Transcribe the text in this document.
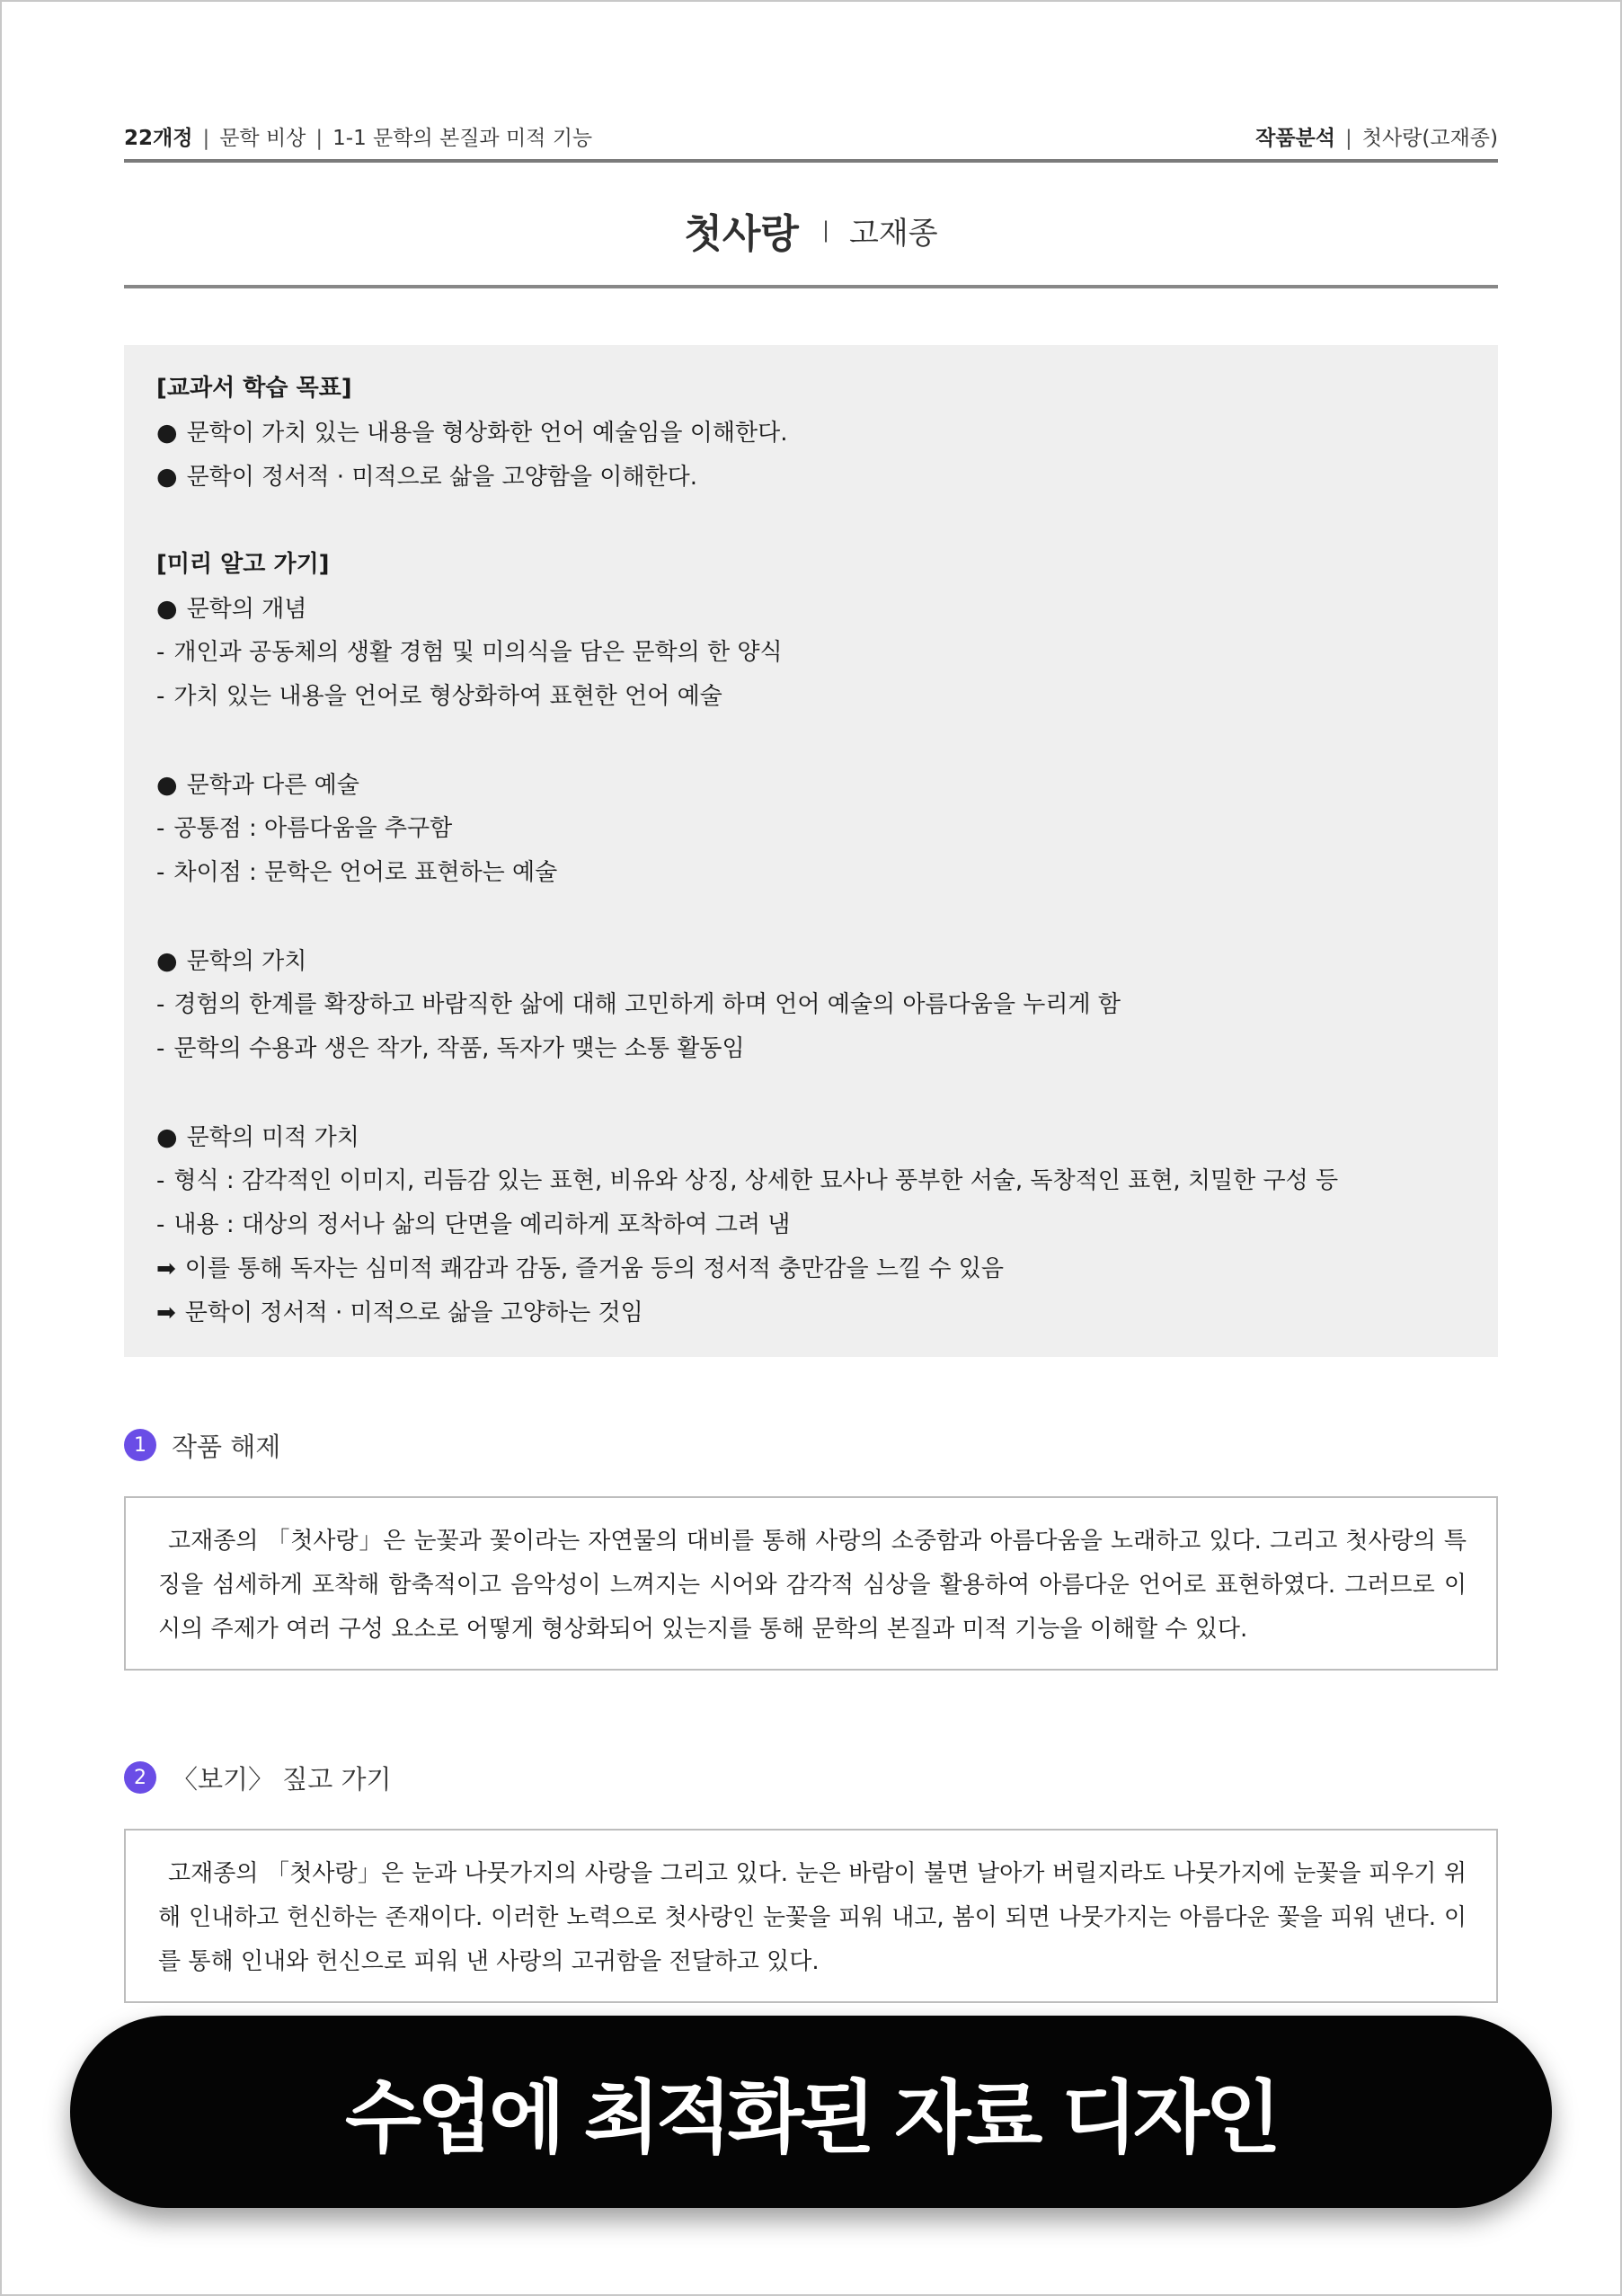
22개정 | 문학 비상 | 1-1 문학의 본질과 미적 기능	작품분석 | 첫사랑(고재종)
첫사랑 | 고재종
[교과서 학습 목표]
● 문학이 가치 있는 내용을 형상화한 언어 예술임을 이해한다.
● 문학이 정서적 · 미적으로 삶을 고양함을 이해한다.
[미리 알고 가기]
● 문학의 개념
- 개인과 공동체의 생활 경험 및 미의식을 담은 문학의 한 양식
- 가치 있는 내용을 언어로 형상화하여 표현한 언어 예술
● 문학과 다른 예술
- 공통점 : 아름다움을 추구함
- 차이점 : 문학은 언어로 표현하는 예술
● 문학의 가치
- 경험의 한계를 확장하고 바람직한 삶에 대해 고민하게 하며 언어 예술의 아름다움을 누리게 함
- 문학의 수용과 생은 작가, 작품, 독자가 맺는 소통 활동임
● 문학의 미적 가치
- 형식 : 감각적인 이미지, 리듬감 있는 표현, 비유와 상징, 상세한 묘사나 풍부한 서술, 독창적인 표현, 치밀한 구성 등
- 내용 : 대상의 정서나 삶의 단면을 예리하게 포착하여 그려 냄
➡ 이를 통해 독자는 심미적 쾌감과 감동, 즐거움 등의 정서적 충만감을 느낄 수 있음
➡ 문학이 정서적 · 미적으로 삶을 고양하는 것임
1 작품 해제
고재종의 「첫사랑」은 눈꽃과 꽃이라는 자연물의 대비를 통해 사랑의 소중함과 아름다움을 노래하고 있다. 그리고 첫사랑의 특징을 섬세하게 포착해 함축적이고 음악성이 느껴지는 시어와 감각적 심상을 활용하여 아름다운 언어로 표현하였다. 그러므로 이 시의 주제가 여러 구성 요소로 어떻게 형상화되어 있는지를 통해 문학의 본질과 미적 기능을 이해할 수 있다.
2 〈보기〉 짚고 가기
고재종의 「첫사랑」은 눈과 나뭇가지의 사랑을 그리고 있다. 눈은 바람이 불면 날아가 버릴지라도 나뭇가지에 눈꽃을 피우기 위해 인내하고 헌신하는 존재이다. 이러한 노력으로 첫사랑인 눈꽃을 피워 내고, 봄이 되면 나뭇가지는 아름다운 꽃을 피워 낸다. 이를 통해 인내와 헌신으로 피워 낸 사랑의 고귀함을 전달하고 있다.
수업에 최적화된 자료 디자인
